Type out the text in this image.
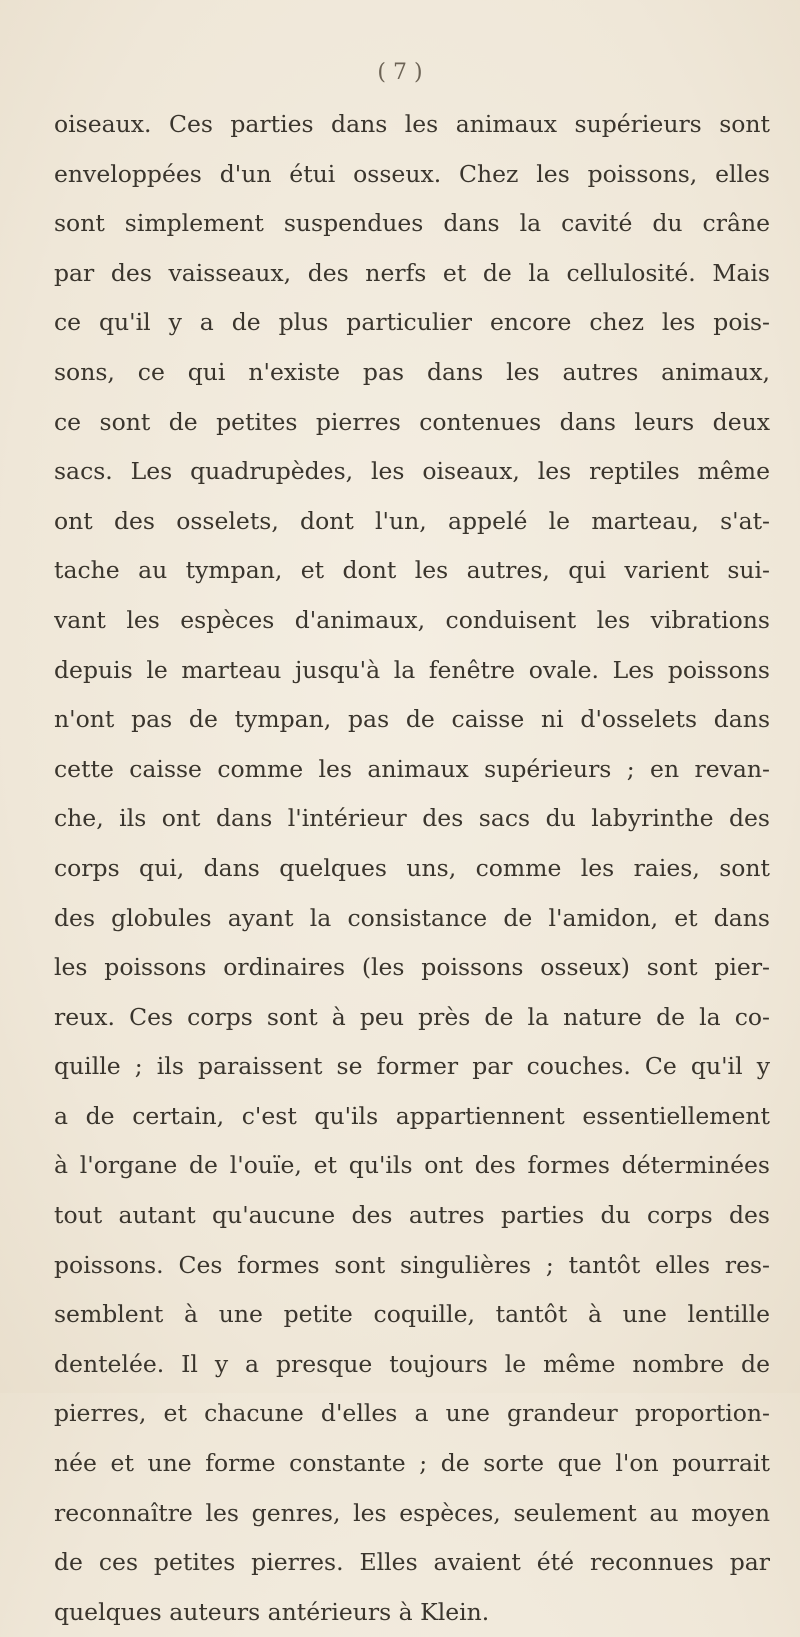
( 7 )
oiseaux. Ces parties dans les animaux supérieurs sont
enveloppées d'un étui osseux. Chez les poissons, elles
sont simplement suspendues dans la cavité du crâne
par des vaisseaux, des nerfs et de la cellulosité. Mais
ce qu'il y a de plus particulier encore chez les pois-
sons, ce qui n'existe pas dans les autres animaux,
ce sont de petites pierres contenues dans leurs deux
sacs. Les quadrupèdes, les oiseaux, les reptiles même
ont des osselets, dont l'un, appelé le marteau, s'at-
tache au tympan, et dont les autres, qui varient sui-
vant les espèces d'animaux, conduisent les vibrations
depuis le marteau jusqu'à la fenêtre ovale. Les poissons
n'ont pas de tympan, pas de caisse ni d'osselets dans
cette caisse comme les animaux supérieurs ; en revan-
che, ils ont dans l'intérieur des sacs du labyrinthe des
corps qui, dans quelques uns, comme les raies, sont
des globules ayant la consistance de l'amidon, et dans
les poissons ordinaires (les poissons osseux) sont pier-
reux. Ces corps sont à peu près de la nature de la co-
quille ; ils paraissent se former par couches. Ce qu'il y
a de certain, c'est qu'ils appartiennent essentiellement
à l'organe de l'ouïe, et qu'ils ont des formes déterminées
tout autant qu'aucune des autres parties du corps des
poissons. Ces formes sont singulières ; tantôt elles res-
semblent à une petite coquille, tantôt à une lentille
dentelée. Il y a presque toujours le même nombre de
pierres, et chacune d'elles a une grandeur proportion-
née et une forme constante ; de sorte que l'on pourrait
reconnaître les genres, les espèces, seulement au moyen
de ces petites pierres. Elles avaient été reconnues par
quelques auteurs antérieurs à Klein.
